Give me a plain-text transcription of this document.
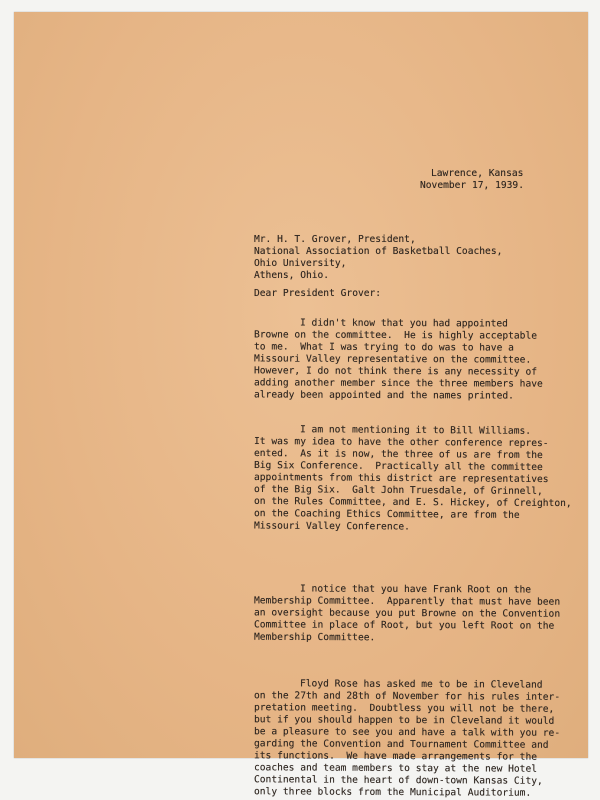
Lawrence, Kansas
November 17, 1939.
Mr. H. T. Grover, President,
National Association of Basketball Coaches,
Ohio University,
Athens, Ohio.
Dear President Grover:
I didn't know that you had appointed
Browne on the committee.  He is highly acceptable
to me.  What I was trying to do was to have a
Missouri Valley representative on the committee.
However, I do not think there is any necessity of
adding another member since the three members have
already been appointed and the names printed.
I am not mentioning it to Bill Williams.
It was my idea to have the other conference repres-
ented.  As it is now, the three of us are from the
Big Six Conference.  Practically all the committee
appointments from this district are representatives
of the Big Six.  Galt John Truesdale, of Grinnell,
on the Rules Committee, and E. S. Hickey, of Creighton,
on the Coaching Ethics Committee, are from the
Missouri Valley Conference.
I notice that you have Frank Root on the
Membership Committee.  Apparently that must have been
an oversight because you put Browne on the Convention
Committee in place of Root, but you left Root on the
Membership Committee.
Floyd Rose has asked me to be in Cleveland
on the 27th and 28th of November for his rules inter-
pretation meeting.  Doubtless you will not be there,
but if you should happen to be in Cleveland it would
be a pleasure to see you and have a talk with you re-
garding the Convention and Tournament Committee and
its functions.  We have made arrangements for the
coaches and team members to stay at the new Hotel
Continental in the heart of down-town Kansas City,
only three blocks from the Municipal Auditorium.
